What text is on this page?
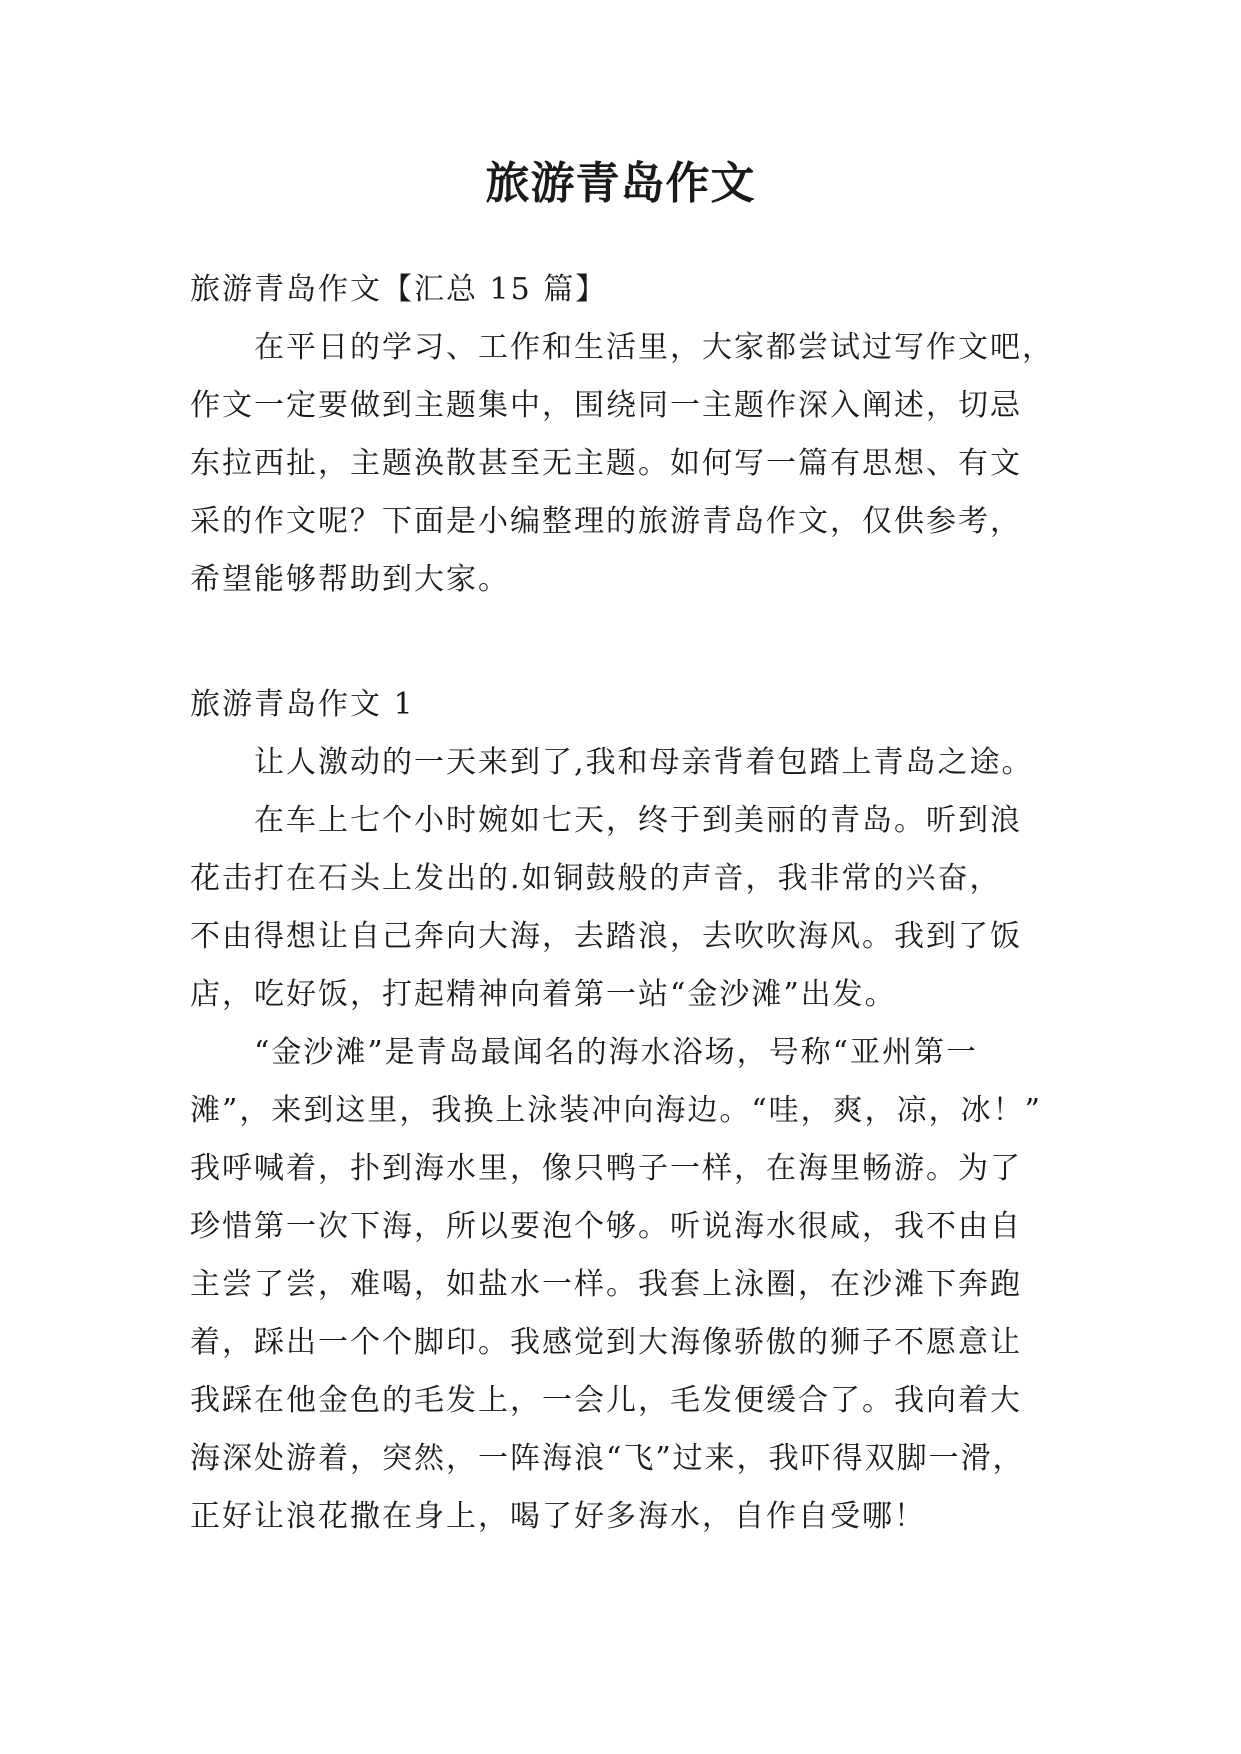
旅游青岛作文
旅游青岛作文【汇总 15 篇】
在平日的学习、工作和生活里，大家都尝试过写作文吧，
作文一定要做到主题集中，围绕同一主题作深入阐述，切忌
东拉西扯，主题涣散甚至无主题。如何写一篇有思想、有文
采的作文呢？下面是小编整理的旅游青岛作文，仅供参考，
希望能够帮助到大家。
旅游青岛作文 1
让人激动的一天来到了,我和母亲背着包踏上青岛之途。
在车上七个小时婉如七天，终于到美丽的青岛。听到浪
花击打在石头上发出的.如铜鼓般的声音，我非常的兴奋，
不由得想让自己奔向大海，去踏浪，去吹吹海风。我到了饭
店，吃好饭，打起精神向着第一站“金沙滩”出发。
“金沙滩”是青岛最闻名的海水浴场，号称“亚州第一
滩”，来到这里，我换上泳装冲向海边。“哇，爽，凉，冰！”
我呼喊着，扑到海水里，像只鸭子一样，在海里畅游。为了
珍惜第一次下海，所以要泡个够。听说海水很咸，我不由自
主尝了尝，难喝，如盐水一样。我套上泳圈，在沙滩下奔跑
着，踩出一个个脚印。我感觉到大海像骄傲的狮子不愿意让
我踩在他金色的毛发上，一会儿，毛发便缓合了。我向着大
海深处游着，突然，一阵海浪“飞”过来，我吓得双脚一滑，
正好让浪花撒在身上，喝了好多海水，自作自受哪！
